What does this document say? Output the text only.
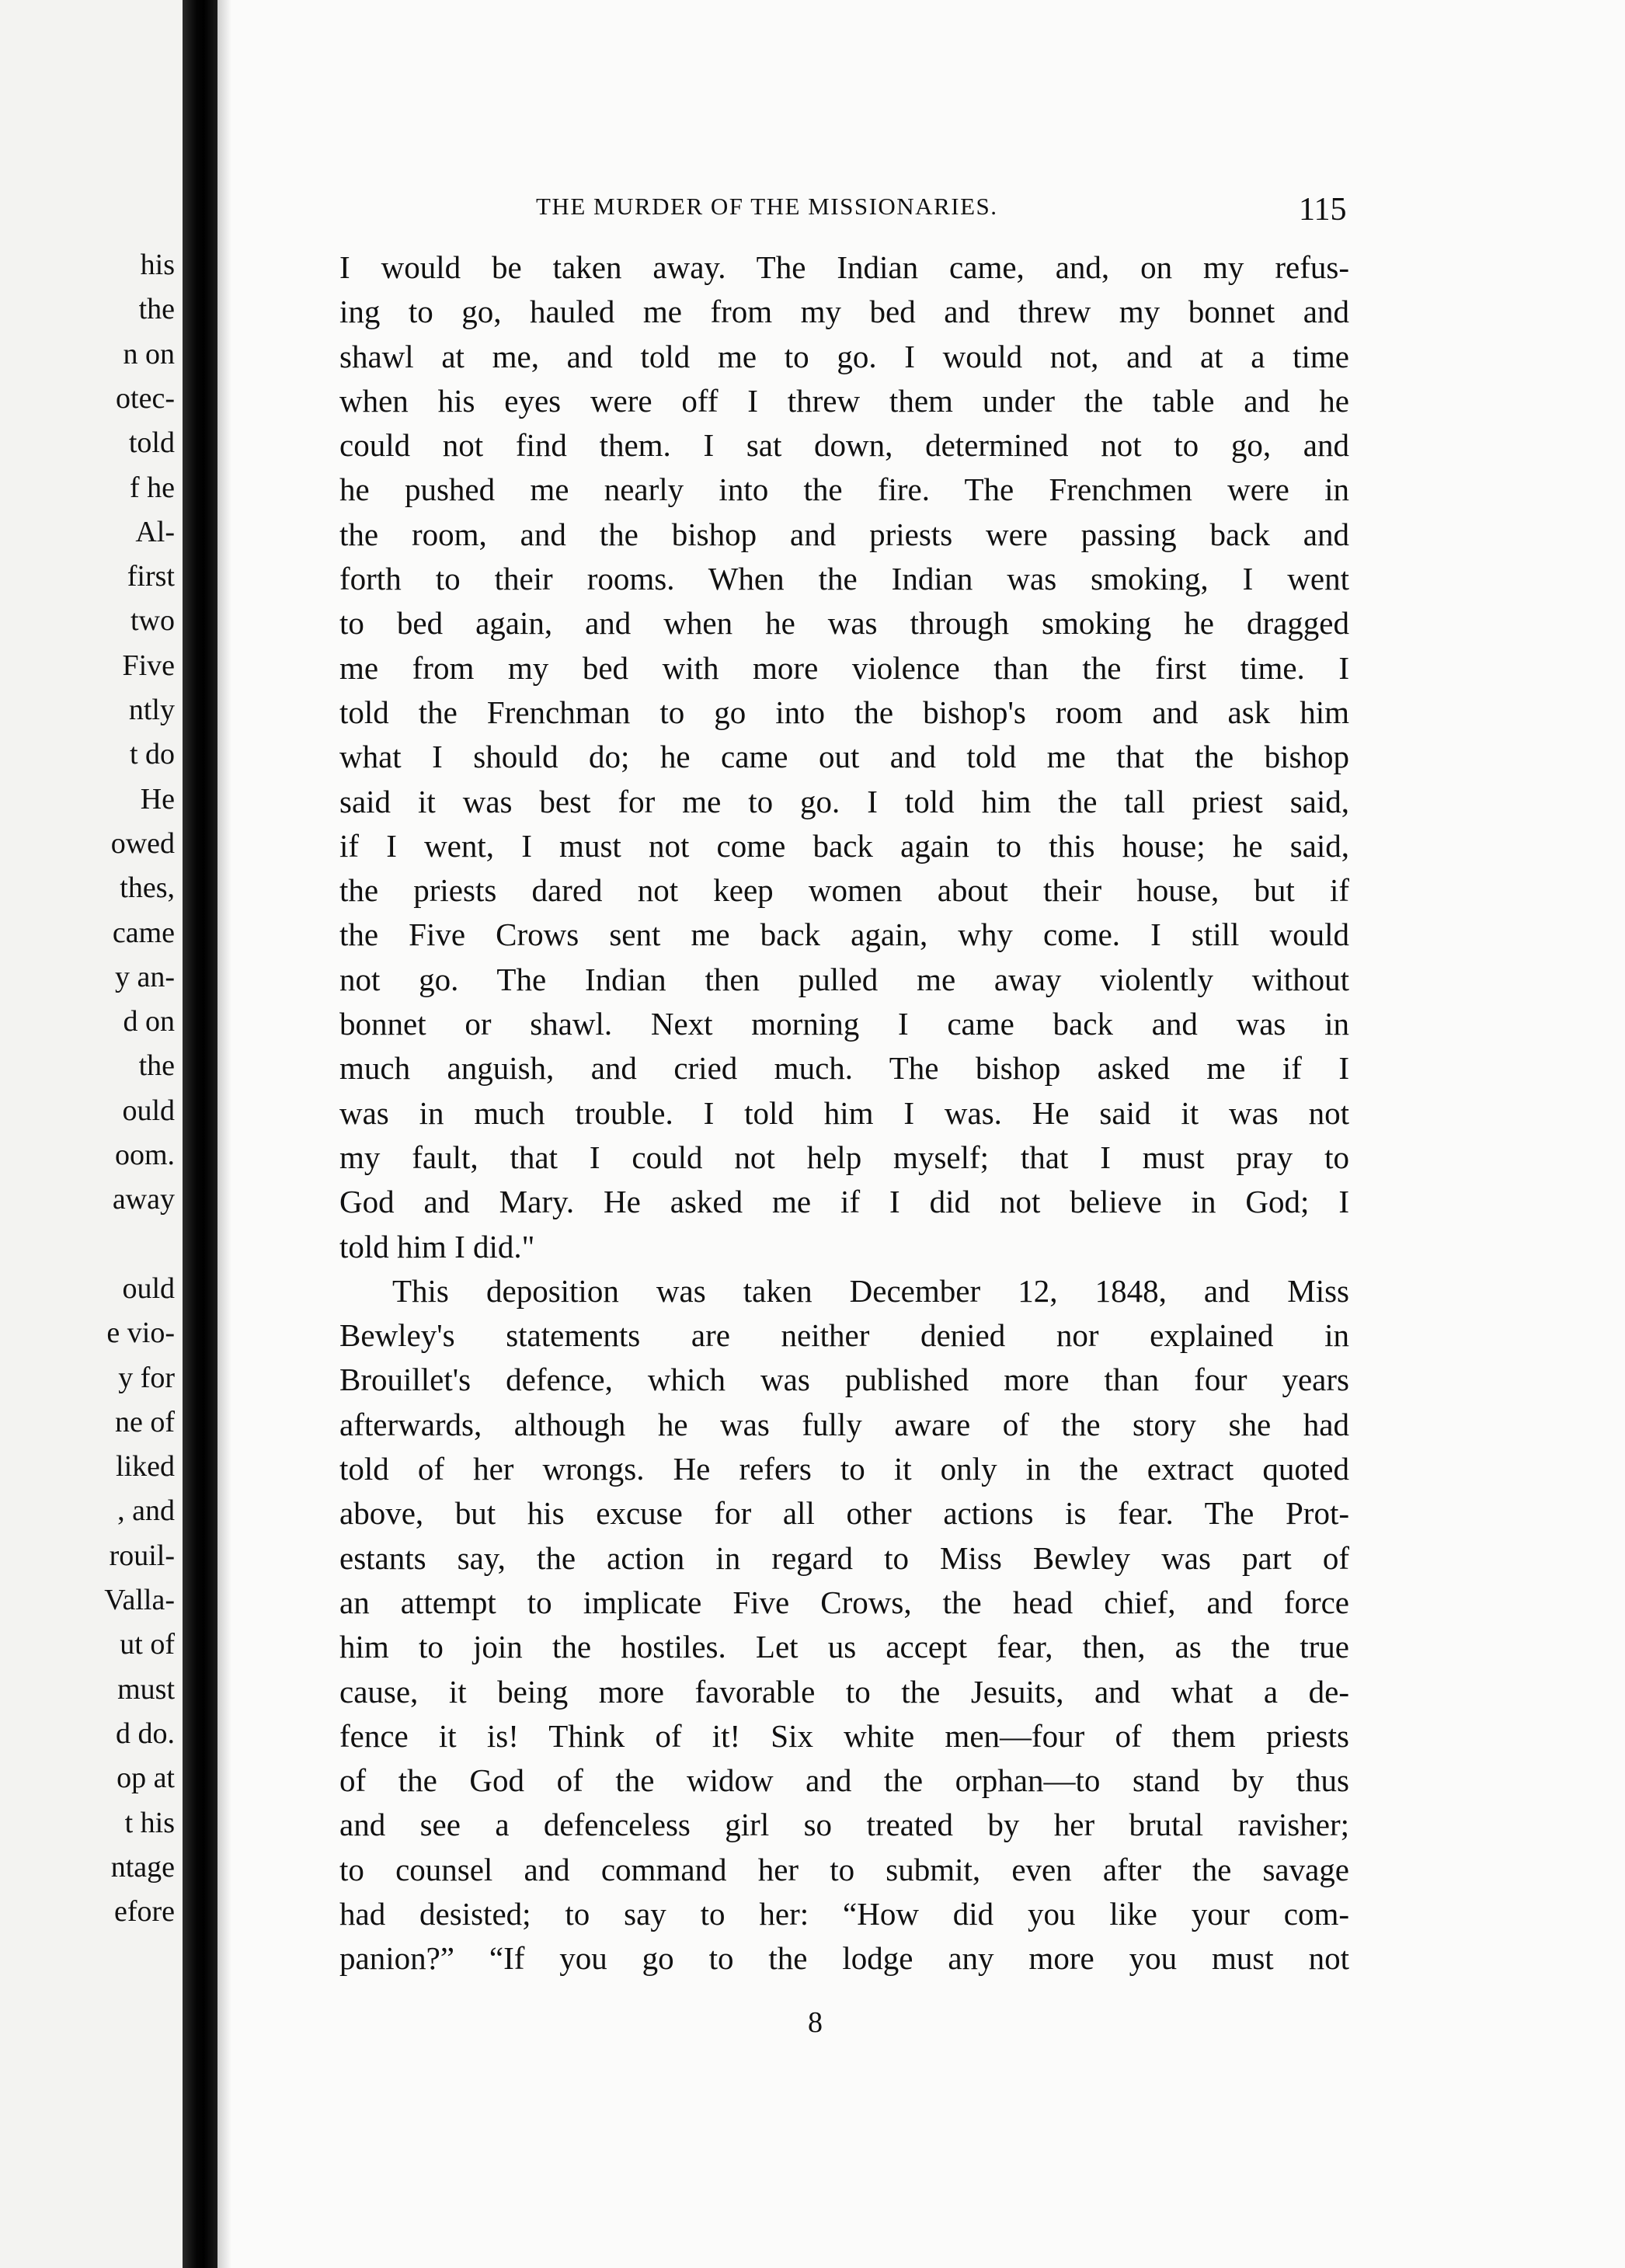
his
the
n on
otec-
told
f he
Al-
first
two
Five
ntly
t do
He
owed
thes,
came
y an-
d on
the
ould
oom.
away
ould
e vio-
y for
ne of
liked
, and
rouil-
Valla-
ut of
must
d do.
op at
t his
ntage
efore
THE MURDER OF THE MISSIONARIES.	115
I would be taken away. The Indian came, and, on my refus-
ing to go, hauled me from my bed and threw my bonnet and
shawl at me, and told me to go. I would not, and at a time
when his eyes were off I threw them under the table and he
could not find them. I sat down, determined not to go, and
he pushed me nearly into the fire. The Frenchmen were in
the room, and the bishop and priests were passing back and
forth to their rooms. When the Indian was smoking, I went
to bed again, and when he was through smoking he dragged
me from my bed with more violence than the first time. I
told the Frenchman to go into the bishop's room and ask him
what I should do; he came out and told me that the bishop
said it was best for me to go. I told him the tall priest said,
if I went, I must not come back again to this house; he said,
the priests dared not keep women about their house, but if
the Five Crows sent me back again, why come. I still would
not go. The Indian then pulled me away violently without
bonnet or shawl. Next morning I came back and was in
much anguish, and cried much. The bishop asked me if I
was in much trouble. I told him I was. He said it was not
my fault, that I could not help myself; that I must pray to
God and Mary. He asked me if I did not believe in God; I
told him I did."
This deposition was taken December 12, 1848, and Miss
Bewley's statements are neither denied nor explained in
Brouillet's defence, which was published more than four years
afterwards, although he was fully aware of the story she had
told of her wrongs. He refers to it only in the extract quoted
above, but his excuse for all other actions is fear. The Prot-
estants say, the action in regard to Miss Bewley was part of
an attempt to implicate Five Crows, the head chief, and force
him to join the hostiles. Let us accept fear, then, as the true
cause, it being more favorable to the Jesuits, and what a de-
fence it is! Think of it! Six white men—four of them priests
of the God of the widow and the orphan—to stand by thus
and see a defenceless girl so treated by her brutal ravisher;
to counsel and command her to submit, even after the savage
had desisted; to say to her: “How did you like your com-
panion?” “If you go to the lodge any more you must not
8
